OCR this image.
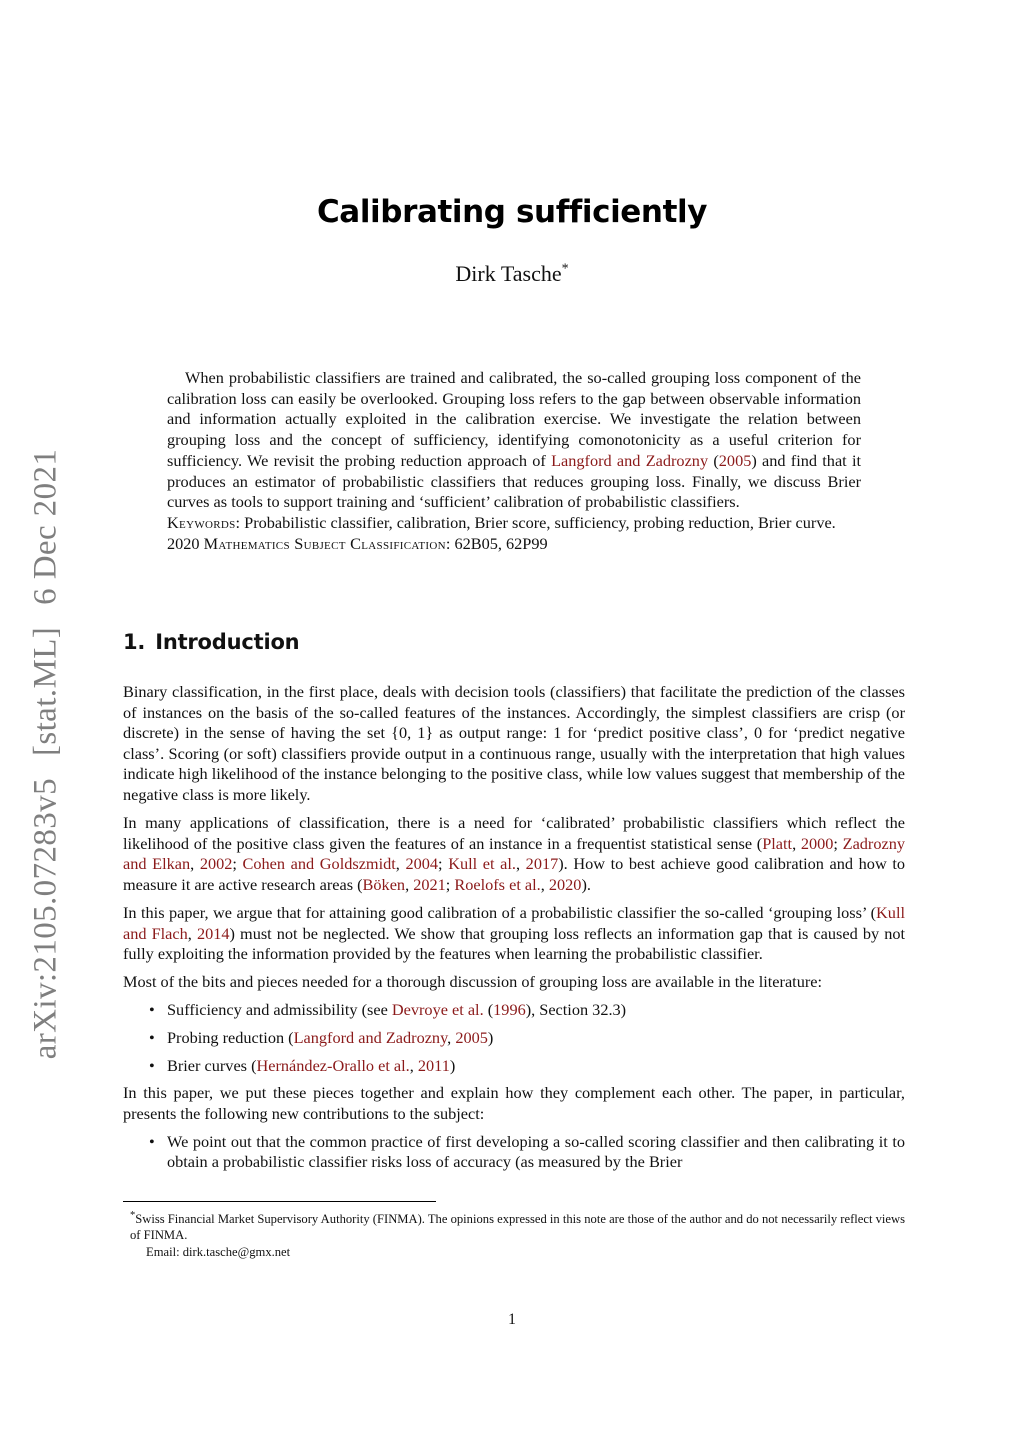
arXiv:2105.07283v5[stat.ML]6 Dec 2021
Calibrating sufficiently
Dirk Tasche*

When probabilistic classifiers are trained and calibrated, the so-called grouping loss component of the calibration loss can easily be overlooked. Grouping loss refers to the gap between observable information and information actually exploited in the calibration exercise. We investigate the relation between grouping loss and the concept of sufficiency, identifying comonotonicity as a useful criterion for sufficiency. We revisit the probing reduction approach of Langford and Zadrozny (2005) and find that it produces an estimator of probabilistic classifiers that reduces grouping loss. Finally, we discuss Brier curves as tools to support training and ‘sufficient’ calibration of probabilistic classifiers.

Keywords: Probabilistic classifier, calibration, Brier score, sufficiency, probing reduction, Brier curve.

2020 Mathematics Subject Classification: 62B05, 62P99

1. Introduction

Binary classification, in the first place, deals with decision tools (classifiers) that facilitate the prediction of the classes of instances on the basis of the so-called features of the instances. Accordingly, the simplest classifiers are crisp (or discrete) in the sense of having the set {0, 1} as output range: 1 for ‘predict positive class’, 0 for ‘predict negative class’. Scoring (or soft) classifiers provide output in a continuous range, usually with the interpretation that high values indicate high likelihood of the instance belonging to the positive class, while low values suggest that membership of the negative class is more likely.

In many applications of classification, there is a need for ‘calibrated’ probabilistic classifiers which reflect the likelihood of the positive class given the features of an instance in a frequentist statistical sense (Platt, 2000; Zadrozny and Elkan, 2002; Cohen and Goldszmidt, 2004; Kull et al., 2017). How to best achieve good calibration and how to measure it are active research areas (Böken, 2021; Roelofs et al., 2020).

In this paper, we argue that for attaining good calibration of a probabilistic classifier the so-called ‘grouping loss’ (Kull and Flach, 2014) must not be neglected. We show that grouping loss reflects an information gap that is caused by not fully exploiting the information provided by the features when learning the probabilistic classifier.

Most of the bits and pieces needed for a thorough discussion of grouping loss are available in the literature:

• Sufficiency and admissibility (see Devroye et al. (1996), Section 32.3)
• Probing reduction (Langford and Zadrozny, 2005)
• Brier curves (Hernández-Orallo et al., 2011)

In this paper, we put these pieces together and explain how they complement each other. The paper, in particular, presents the following new contributions to the subject:

• We point out that the common practice of first developing a so-called scoring classifier and then calibrating it to obtain a probabilistic classifier risks loss of accuracy (as measured by the Brier

*Swiss Financial Market Supervisory Authority (FINMA). The opinions expressed in this note are those of the author and do not necessarily reflect views of FINMA.

Email: dirk.tasche@gmx.net

1
